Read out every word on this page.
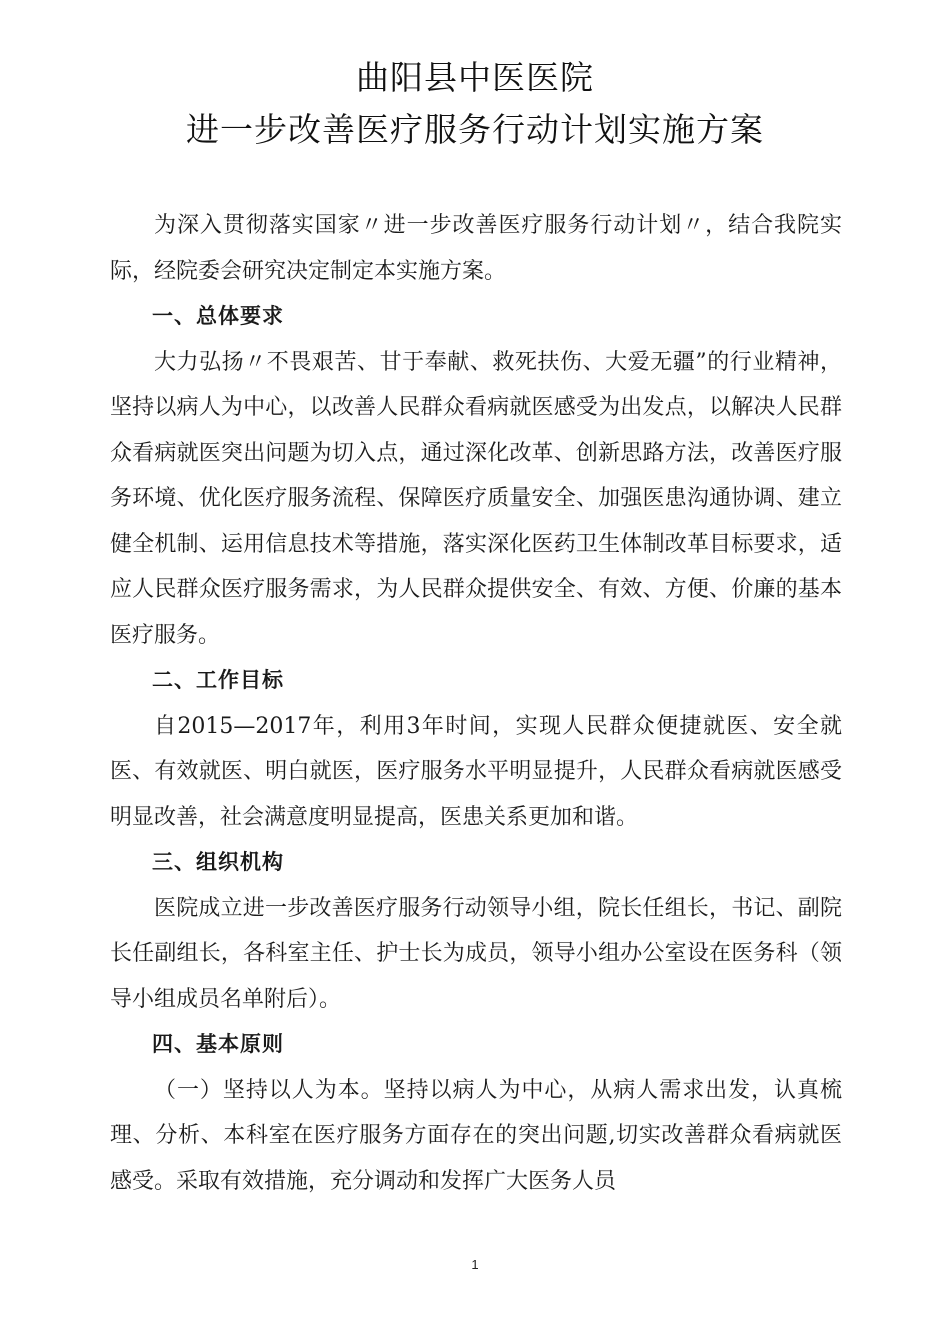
曲阳县中医医院
进一步改善医疗服务行动计划实施方案

为深入贯彻落实国家〃进一步改善医疗服务行动计划〃，结合我院实际，经院委会研究决定制定本实施方案。

一、总体要求

大力弘扬〃不畏艰苦、甘于奉献、救死扶伤、大爱无疆”的行业精神，坚持以病人为中心，以改善人民群众看病就医感受为出发点，以解决人民群众看病就医突出问题为切入点，通过深化改革、创新思路方法，改善医疗服务环境、优化医疗服务流程、保障医疗质量安全、加强医患沟通协调、建立健全机制、运用信息技术等措施，落实深化医药卫生体制改革目标要求，适应人民群众医疗服务需求，为人民群众提供安全、有效、方便、价廉的基本医疗服务。

二、工作目标

自2015—2017年，利用3年时间，实现人民群众便捷就医、安全就医、有效就医、明白就医，医疗服务水平明显提升，人民群众看病就医感受明显改善，社会满意度明显提高，医患关系更加和谐。

三、组织机构

医院成立进一步改善医疗服务行动领导小组，院长任组长，书记、副院长任副组长，各科室主任、护士长为成员，领导小组办公室设在医务科（领导小组成员名单附后）。

四、基本原则

（一）坚持以人为本。坚持以病人为中心，从病人需求出发，认真梳理、分析、本科室在医疗服务方面存在的突出问题,切实改善群众看病就医感受。采取有效措施，充分调动和发挥广大医务人员

1
